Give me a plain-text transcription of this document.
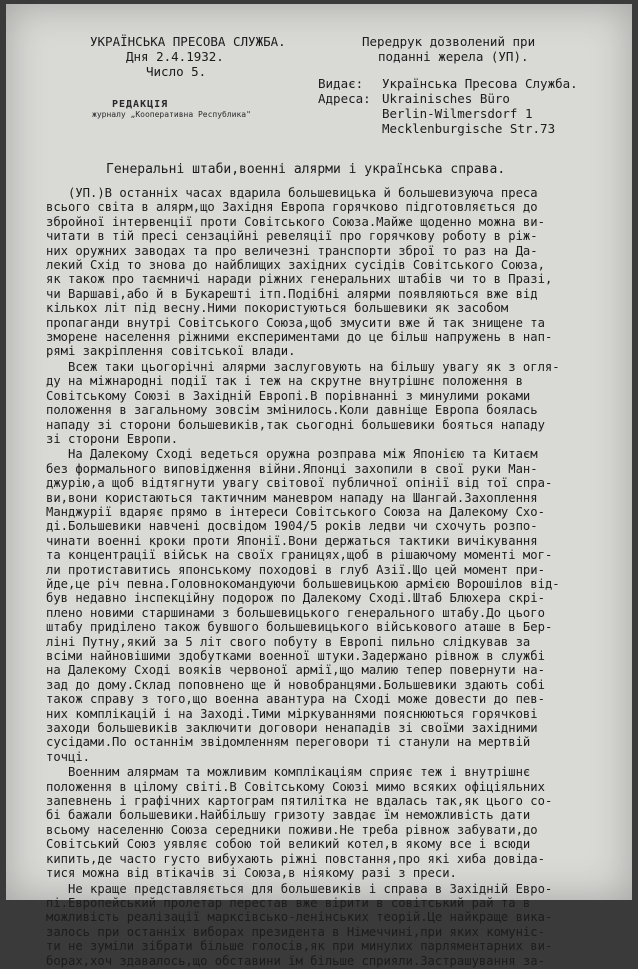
УКРАЇНСЬКА ПРЕСОВА СЛУЖБА.
Дня 2.4.1932.
Число 5.
Передрук дозволений при
поданні жерела (УП).
РЕДАКЦІЯ
журналу „Кооперативна Республика"
Видає:	Українська Пресова Служба.
Адреса: Ukrainisches Büro
Berlin-Wilmersdorf 1
Mecklenburgische Str.73
Генеральні штаби,военні алярми і українська справа.
(УП.)В останніх часах вдарила большевицька й большевизуюча преса
всього світа в алярм,що Західня Европа горячково підготовляється до
збройної інтервенції проти Совітського Союза.Майже щоденно можна ви-
читати в тій пресі сензаційні ревеляції про горячкову роботу в ріж-
них оружних заводах та про величезні транспорти зброї то раз на Да-
лекий Схід то знова до найблищих західних сусідів Совітського Союза,
як також про таємничі наради ріжних генеральних штабів чи то в Празі,
чи Варшаві,або й в Букарешті ітп.Подібні алярми появляються вже від
кількох літ під весну.Ними покористуються большевики як засобом
пропаганди внутрі Совітського Союза,щоб змусити вже й так знищене та
зморене населення ріжними експериментами до це більш напружень в нап-
рямі закріплення совітської влади.
Всеж таки цьогорічні алярми заслуговують на більшу увагу як з огля-
ду на міжнародні події так і теж на скрутне внутрішнє положення в
Совітському Союзі в Західній Европі.В порівнанні з минулими роками
положення в загальному зовсім змінилось.Коли давніще Европа боялась
нападу зі сторони большевиків,так сьогодні большевики бояться нападу
зі сторони Европи.
На Далекому Сході ведеться оружна розправа між Японією та Китаєм
без формального виповідження війни.Японці захопили в свої руки Ман-
джурію,а щоб відтягнути увагу світової публичної опінії від тої спра-
ви,вони користаються тактичним маневром нападу на Шангай.Захоплення
Манджурії вдаряє прямо в інтереси Совітського Союза на Далекому Схо-
ді.Большевики навчені досвідом 1904/5 років ледви чи схочуть розпо-
чинати военні кроки проти Японії.Вони держаться тактики вичікування
та концентрації військ на своїх границях,щоб в рішаючому моменті мог-
ли протиставитись японському походові в глуб Азії.Що цей момент при-
йде,це річ певна.Головнокомандуючи большевицькою армією Ворошілов від-
був недавно інспекційну подорож по Далекому Сході.Штаб Блюхера скрі-
плено новими старшинами з большевицького генерального штабу.До цього
штабу приділено також бувшого большевицького військового аташе в Бер-
ліні Путну,який за 5 літ свого побуту в Европі пильно слідкував за
всіми найновішими здобутками военної штуки.Задержано рівнож в службі
на Далекому Сході вояків червоної армії,що малию тепер повернути на-
зад до дому.Склад поповнено ще й новобранцями.Большевики здають собі
також справу з того,що военна авантура на Сході може довести до пев-
них комплікацій і на Заході.Тими міркуваннями пояснюються горячкові
заходи большевиків заключити договори ненападів зі своїми західними
сусідами.По останнім звідомленням переговори ті станули на мертвій
точці.
Военним алярмам та можливим комплікаціям сприяє теж і внутрішнє
положення в цілому світі.В Совітському Союзі мимо всяких офіціяльних
запевнень і графічних картограм пятилітка не вдалась так,як цього со-
бі бажали большевики.Найбільшу гризоту завдає їм неможливість дати
всьому населенню Союза середники поживи.Не треба рівнож забувати,до
Совітський Союз уявляє собою той великий котел,в якому все і всюди
кипить,де часто густо вибухають ріжні повстання,про які хиба довіда-
тися можна від втікачів зі Союза,в ніякому разі з преси.
Не краще представляється для большевиків і справа в Західній Евро-
пі.Европейський пролетар перестав вже вірити в совітський рай та в
можливість реалізації марксівсько-ленінських теорій.Це найкраще вика-
залось при останніх виборах президента в Німеччині,при яких комуніс-
ти не зуміли зібрати більше голосів,як при минулих парляментарних ви-
борах,хоч здавалось,що обставини їм більше сприяли.Застрашування за-
